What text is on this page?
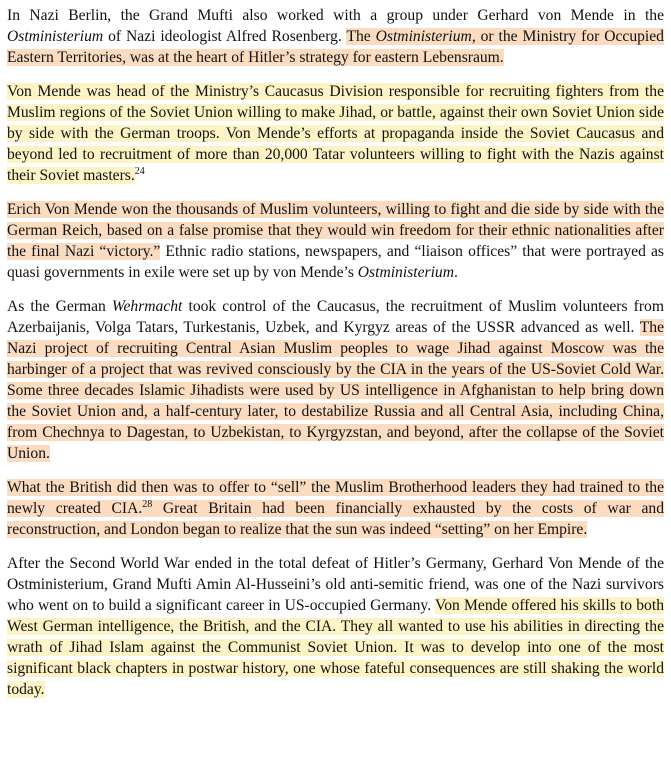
In Nazi Berlin, the Grand Mufti also worked with a group under Gerhard von Mende in the Ostministerium of Nazi ideologist Alfred Rosenberg. The Ostministerium, or the Ministry for Occupied Eastern Territories, was at the heart of Hitler’s strategy for eastern Lebensraum.

Von Mende was head of the Ministry’s Caucasus Division responsible for recruiting fighters from the Muslim regions of the Soviet Union willing to make Jihad, or battle, against their own Soviet Union side by side with the German troops. Von Mende’s efforts at propaganda inside the Soviet Caucasus and beyond led to recruitment of more than 20,000 Tatar volunteers willing to fight with the Nazis against their Soviet masters.$^{24}$

Erich Von Mende won the thousands of Muslim volunteers, willing to fight and die side by side with the German Reich, based on a false promise that they would win freedom for their ethnic nationalities after the final Nazi “victory.” Ethnic radio stations, newspapers, and “liaison offices” that were portrayed as quasi governments in exile were set up by von Mende’s Ostministerium.

As the German Wehrmacht took control of the Caucasus, the recruitment of Muslim volunteers from Azerbaijanis, Volga Tatars, Turkestanis, Uzbek, and Kyrgyz areas of the USSR advanced as well. The Nazi project of recruiting Central Asian Muslim peoples to wage Jihad against Moscow was the harbinger of a project that was revived consciously by the CIA in the years of the US-Soviet Cold War. Some three decades Islamic Jihadists were used by US intelligence in Afghanistan to help bring down the Soviet Union and, a half-century later, to destabilize Russia and all Central Asia, including China, from Chechnya to Dagestan, to Uzbekistan, to Kyrgyzstan, and beyond, after the collapse of the Soviet Union.

What the British did then was to offer to “sell” the Muslim Brotherhood leaders they had trained to the newly created CIA.$^{28}$ Great Britain had been financially exhausted by the costs of war and reconstruction, and London began to realize that the sun was indeed “setting” on her Empire.

After the Second World War ended in the total defeat of Hitler’s Germany, Gerhard Von Mende of the Ostministerium, Grand Mufti Amin Al-Husseini’s old anti-semitic friend, was one of the Nazi survivors who went on to build a significant career in US-occupied Germany. Von Mende offered his skills to both West German intelligence, the British, and the CIA. They all wanted to use his abilities in directing the wrath of Jihad Islam against the Communist Soviet Union. It was to develop into one of the most significant black chapters in postwar history, one whose fateful consequences are still shaking the world today.
